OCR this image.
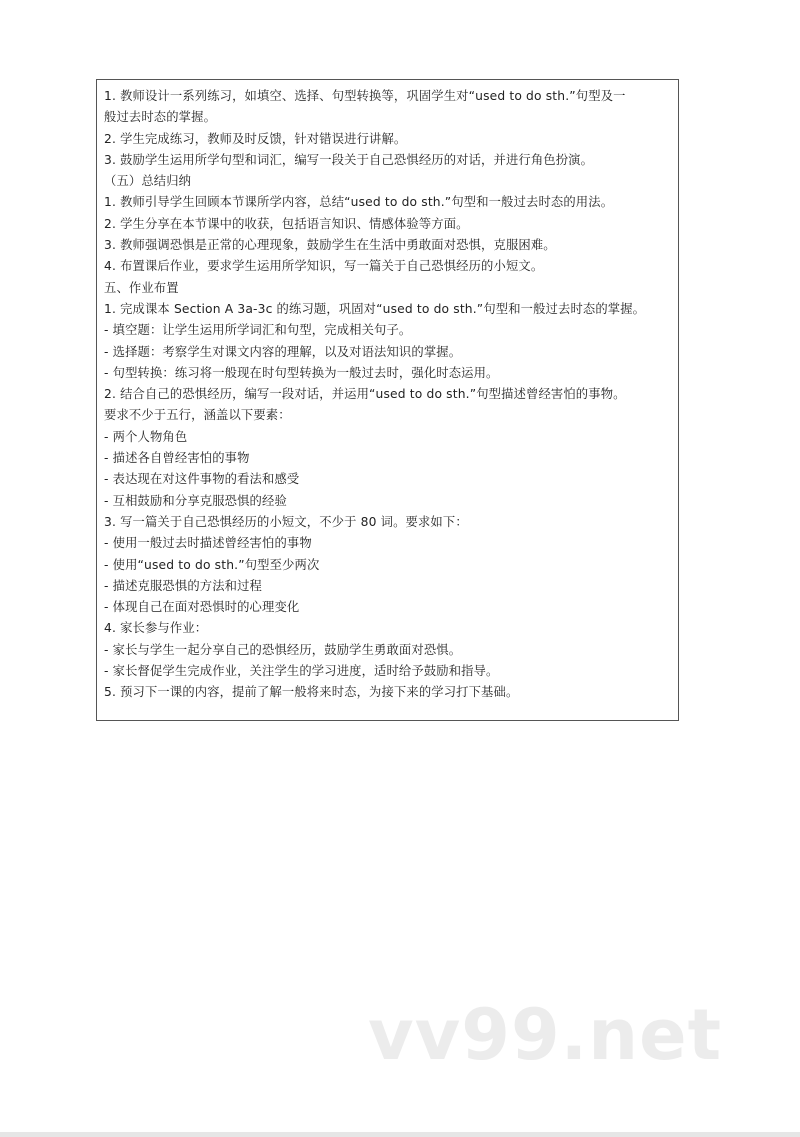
1. 教师设计一系列练习，如填空、选择、句型转换等，巩固学生对“used to do sth.”句型及一
般过去时态的掌握。
2. 学生完成练习，教师及时反馈，针对错误进行讲解。
3. 鼓励学生运用所学句型和词汇，编写一段关于自己恐惧经历的对话，并进行角色扮演。
（五）总结归纳
1. 教师引导学生回顾本节课所学内容，总结“used to do sth.”句型和一般过去时态的用法。
2. 学生分享在本节课中的收获，包括语言知识、情感体验等方面。
3. 教师强调恐惧是正常的心理现象，鼓励学生在生活中勇敢面对恐惧，克服困难。
4. 布置课后作业，要求学生运用所学知识，写一篇关于自己恐惧经历的小短文。
五、作业布置
1. 完成课本 Section A 3a-3c 的练习题，巩固对“used to do sth.”句型和一般过去时态的掌握。
- 填空题：让学生运用所学词汇和句型，完成相关句子。
- 选择题：考察学生对课文内容的理解，以及对语法知识的掌握。
- 句型转换：练习将一般现在时句型转换为一般过去时，强化时态运用。
2. 结合自己的恐惧经历，编写一段对话，并运用“used to do sth.”句型描述曾经害怕的事物。
要求不少于五行，涵盖以下要素：
- 两个人物角色
- 描述各自曾经害怕的事物
- 表达现在对这件事物的看法和感受
- 互相鼓励和分享克服恐惧的经验
3. 写一篇关于自己恐惧经历的小短文，不少于 80 词。要求如下：
- 使用一般过去时描述曾经害怕的事物
- 使用“used to do sth.”句型至少两次
- 描述克服恐惧的方法和过程
- 体现自己在面对恐惧时的心理变化
4. 家长参与作业：
- 家长与学生一起分享自己的恐惧经历，鼓励学生勇敢面对恐惧。
- 家长督促学生完成作业，关注学生的学习进度，适时给予鼓励和指导。
5. 预习下一课的内容，提前了解一般将来时态，为接下来的学习打下基础。
vv99.net
